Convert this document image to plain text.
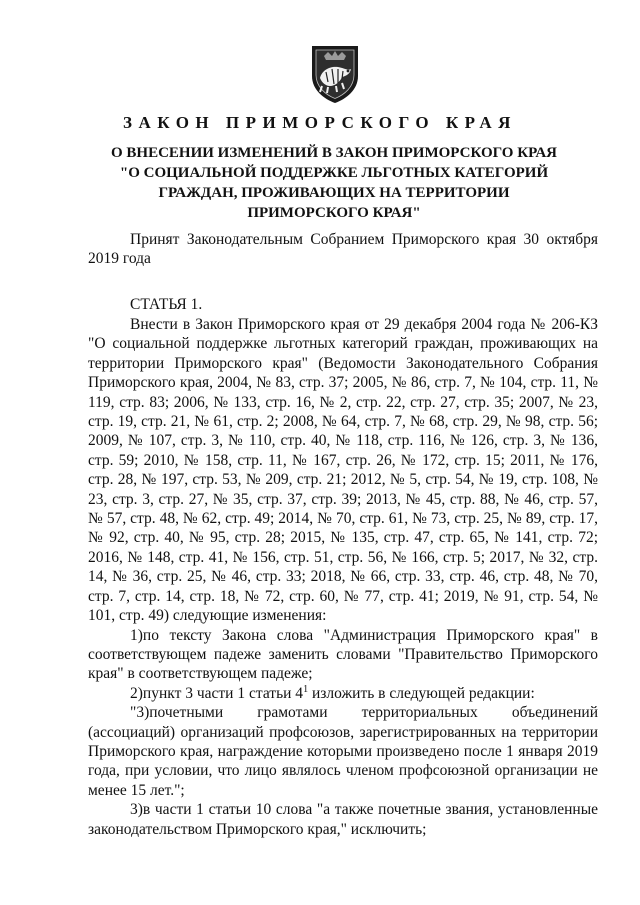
ЗАКОН ПРИМОРСКОГО КРАЯ
О ВНЕСЕНИИ ИЗМЕНЕНИЙ В ЗАКОН ПРИМОРСКОГО КРАЯ
"О СОЦИАЛЬНОЙ ПОДДЕРЖКЕ ЛЬГОТНЫХ КАТЕГОРИЙ
ГРАЖДАН, ПРОЖИВАЮЩИХ НА ТЕРРИТОРИИ
ПРИМОРСКОГО КРАЯ"

Принят Законодательным Собранием Приморского края 30 октября 2019 года

СТАТЬЯ 1.

Внести в Закон Приморского края от 29 декабря 2004 года № 206-КЗ "О социальной поддержке льготных категорий граждан, проживающих на территории Приморского края" (Ведомости Законодательного Собрания Приморского края, 2004, № 83, стр. 37; 2005, № 86, стр. 7, № 104, стр. 11, № 119, стр. 83; 2006, № 133, стр. 16, № 2, стр. 22, стр. 27, стр. 35; 2007, № 23, стр. 19, стр. 21, № 61, стр. 2; 2008, № 64, стр. 7, № 68, стр. 29, № 98, стр. 56; 2009, № 107, стр. 3, № 110, стр. 40, № 118, стр. 116, № 126, стр. 3, № 136, стр. 59; 2010, № 158, стр. 11, № 167, стр. 26, № 172, стр. 15; 2011, № 176, стр. 28, № 197, стр. 53, № 209, стр. 21; 2012, № 5, стр. 54, № 19, стр. 108, № 23, стр. 3, стр. 27, № 35, стр. 37, стр. 39; 2013, № 45, стр. 88, № 46, стр. 57, № 57, стр. 48, № 62, стр. 49; 2014, № 70, стр. 61, № 73, стр. 25, № 89, стр. 17, № 92, стр. 40, № 95, стр. 28; 2015, № 135, стр. 47, стр. 65, № 141, стр. 72; 2016, № 148, стр. 41, № 156, стр. 51, стр. 56, № 166, стр. 5; 2017, № 32, стр. 14, № 36, стр. 25, № 46, стр. 33; 2018, № 66, стр. 33, стр. 46, стр. 48, № 70, стр. 7, стр. 14, стр. 18, № 72, стр. 60, № 77, стр. 41; 2019, № 91, стр. 54, № 101, стр. 49) следующие изменения:

1)по тексту Закона слова "Администрация Приморского края" в соответствующем падеже заменить словами "Правительство Приморского края" в соответствующем падеже;

2)пункт 3 части 1 статьи $4^1$ изложить в следующей редакции:

"3)почетными грамотами территориальных объединений (ассоциаций) организаций профсоюзов, зарегистрированных на территории Приморского края, награждение которыми произведено после 1 января 2019 года, при условии, что лицо являлось членом профсоюзной организации не менее 15 лет.";

3)в части 1 статьи 10 слова "а также почетные звания, установленные законодательством Приморского края," исключить;
